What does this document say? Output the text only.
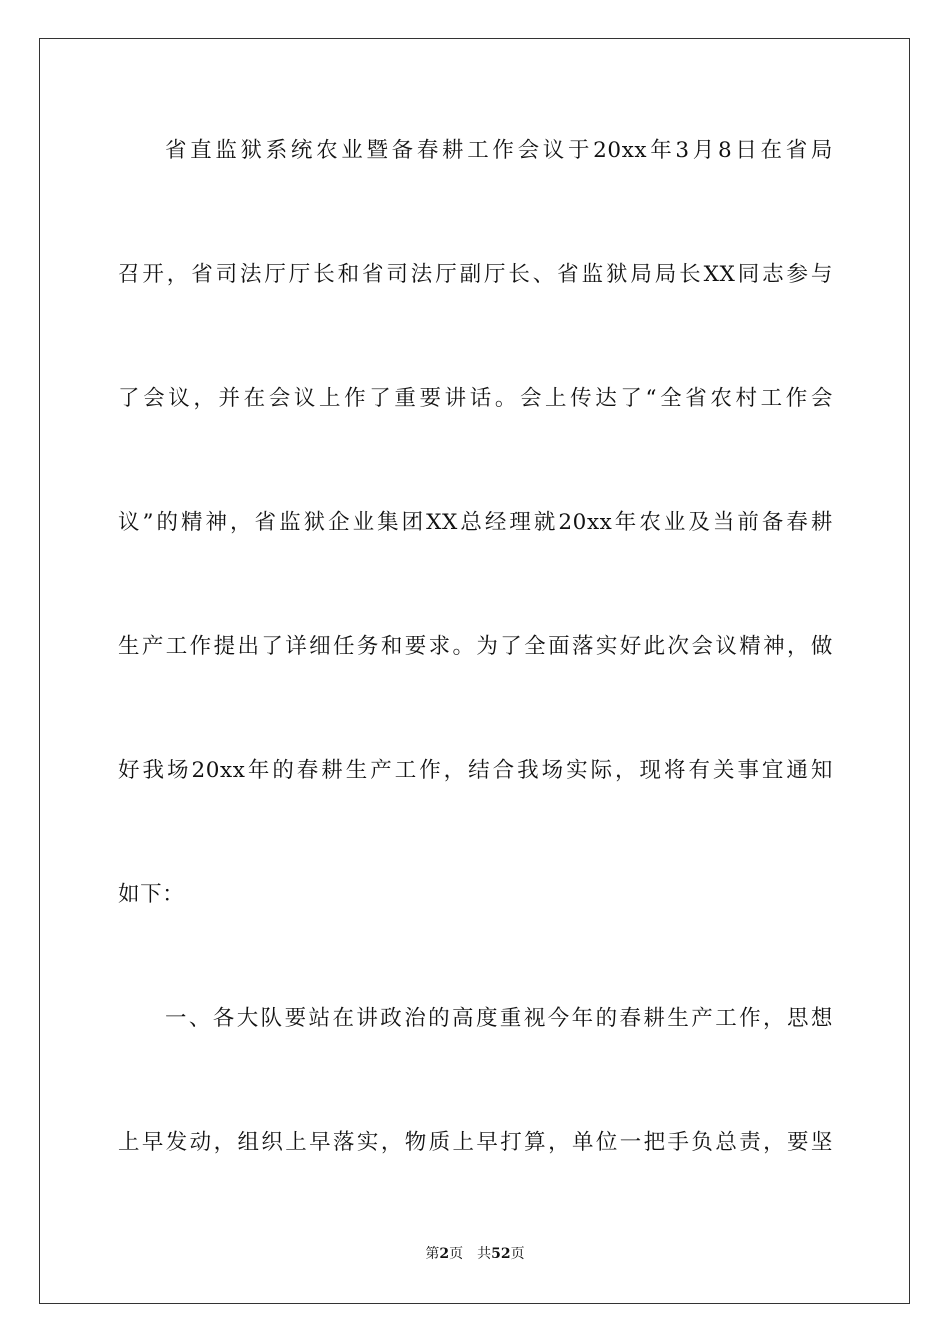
省直监狱系统农业暨备春耕工作会议于20xx年3月8日在省局
召开，省司法厅厅长和省司法厅副厅长、省监狱局局长XX同志参与
了会议，并在会议上作了重要讲话。会上传达了“全省农村工作会
议”的精神，省监狱企业集团XX总经理就20xx年农业及当前备春耕
生产工作提出了详细任务和要求。为了全面落实好此次会议精神，做
好我场20xx年的春耕生产工作，结合我场实际，现将有关事宜通知
如下：
一、各大队要站在讲政治的高度重视今年的春耕生产工作，思想
上早发动，组织上早落实，物质上早打算，单位一把手负总责，要坚
第2页 共52页
